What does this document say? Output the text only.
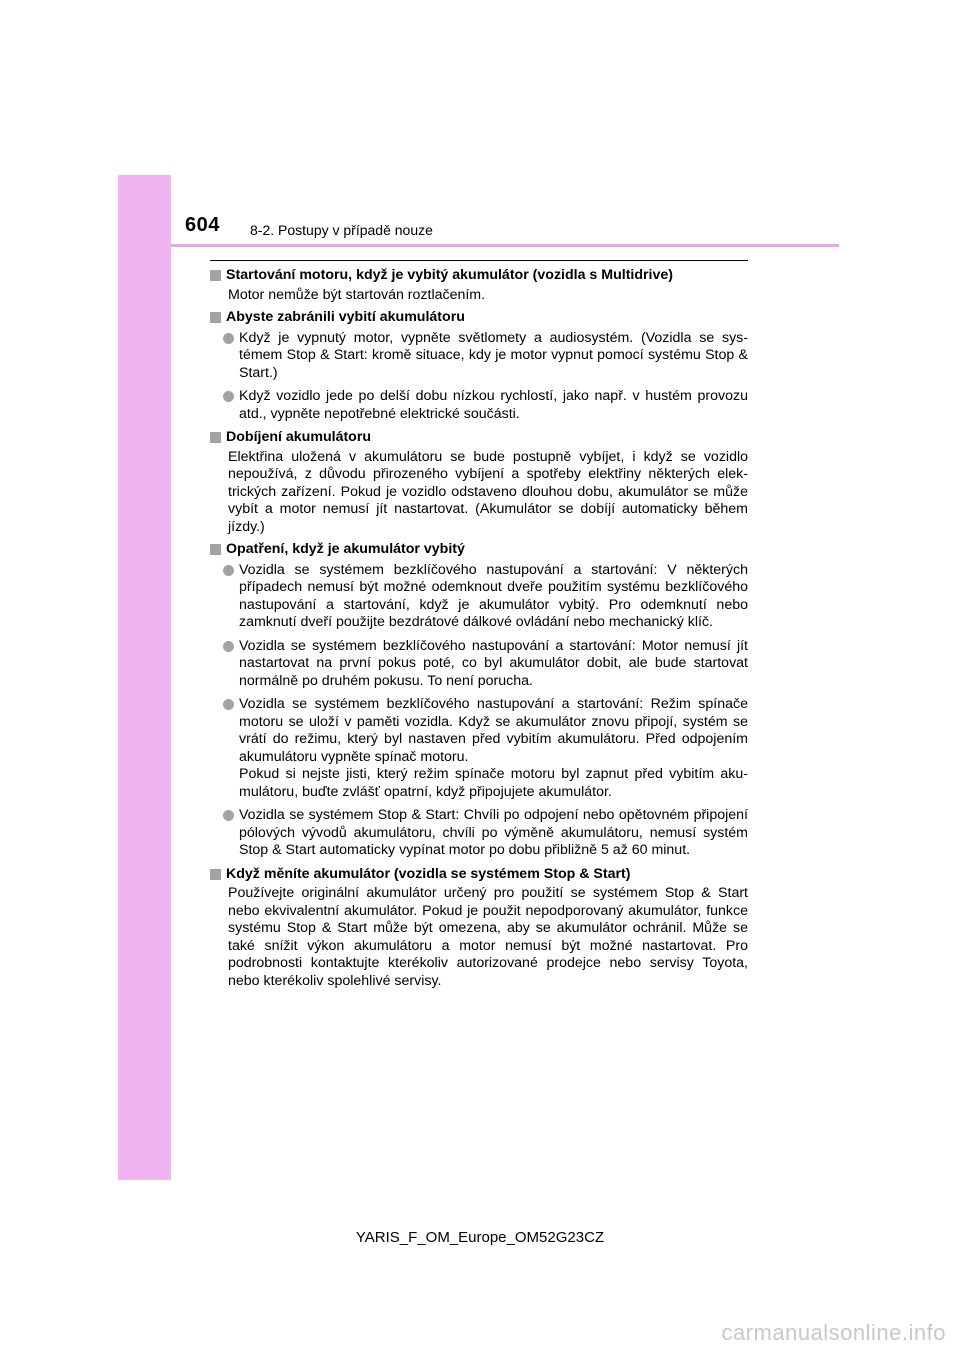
604 8-2. Postupy v případě nouze
Startování motoru, když je vybitý akumulátor (vozidla s Multidrive)
Motor nemůže být startován roztlačením.
Abyste zabránili vybití akumulátoru
Když je vypnutý motor, vypněte světlomety a audiosystém. (Vozidla se systémem Stop & Start: kromě situace, kdy je motor vypnut pomocí systému Stop & Start.)
Když vozidlo jede po delší dobu nízkou rychlostí, jako např. v hustém provozu atd., vypněte nepotřebné elektrické součásti.
Dobíjení akumulátoru
Elektřina uložená v akumulátoru se bude postupně vybíjet, i když se vozidlo nepoužívá, z důvodu přirozeného vybíjení a spotřeby elektřiny některých elektrických zařízení. Pokud je vozidlo odstaveno dlouhou dobu, akumulátor se může vybít a motor nemusí jít nastartovat. (Akumulátor se dobíjí automaticky během jízdy.)
Opatření, když je akumulátor vybitý
Vozidla se systémem bezklíčového nastupování a startování: V některých případech nemusí být možné odemknout dveře použitím systému bezklíčového nastupování a startování, když je akumulátor vybitý. Pro odemknutí nebo zamknutí dveří použijte bezdrátové dálkové ovládání nebo mechanický klíč.
Vozidla se systémem bezklíčového nastupování a startování: Motor nemusí jít nastartovat na první pokus poté, co byl akumulátor dobit, ale bude startovat normálně po druhém pokusu. To není porucha.
Vozidla se systémem bezklíčového nastupování a startování: Režim spínače motoru se uloží v paměti vozidla. Když se akumulátor znovu připojí, systém se vrátí do režimu, který byl nastaven před vybitím akumulátoru. Před odpojením akumulátoru vypněte spínač motoru.
Pokud si nejste jisti, který režim spínače motoru byl zapnut před vybitím akumulátoru, buďte zvlášť opatrní, když připojujete akumulátor.
Vozidla se systémem Stop & Start: Chvíli po odpojení nebo opětovném připojení pólových vývodů akumulátoru, chvíli po výměně akumulátoru, nemusí systém Stop & Start automaticky vypínat motor po dobu přibližně 5 až 60 minut.
Když měníte akumulátor (vozidla se systémem Stop & Start)
Používejte originální akumulátor určený pro použití se systémem Stop & Start nebo ekvivalentní akumulátor. Pokud je použit nepodporovaný akumulátor, funkce systému Stop & Start může být omezena, aby se akumulátor ochránil. Může se také snížit výkon akumulátoru a motor nemusí být možné nastartovat. Pro podrobnosti kontaktujte kterékoliv autorizované prodejce nebo servisy Toyota, nebo kterékoliv spolehlivé servisy.
YARIS_F_OM_Europe_OM52G23CZ
carmanualsonline.info
